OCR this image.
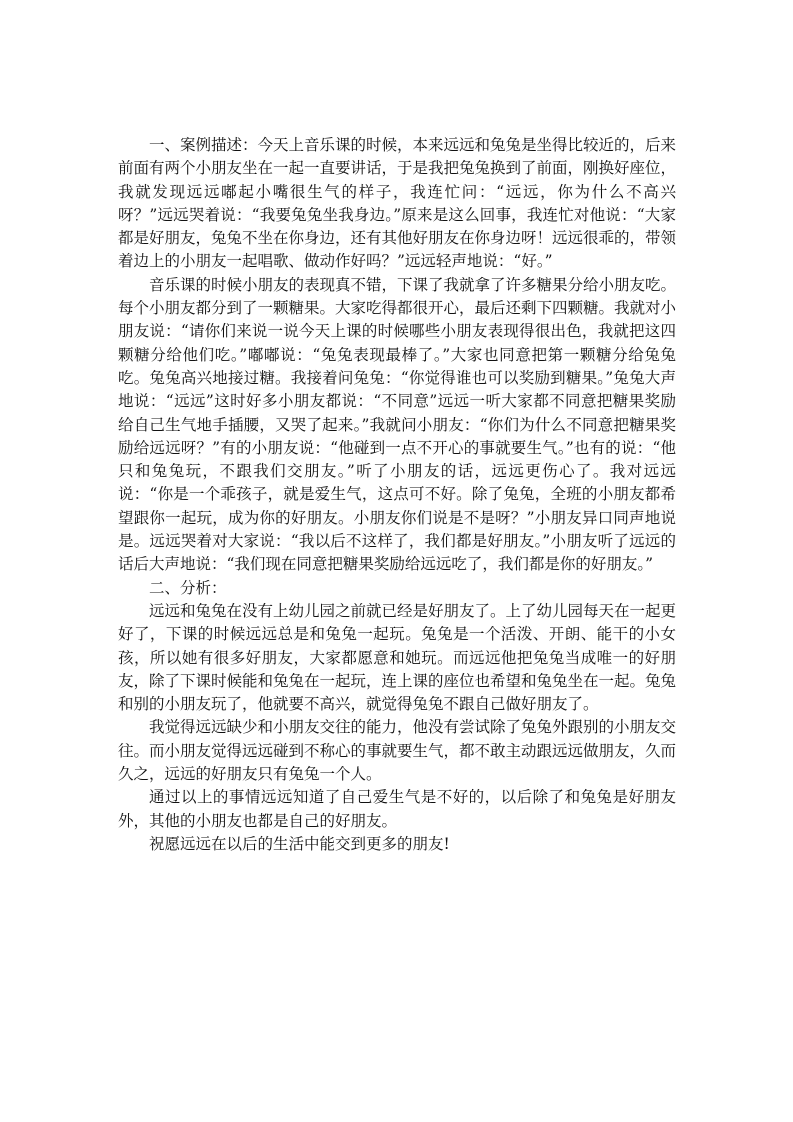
一、案例描述：今天上音乐课的时候，本来远远和兔兔是坐得比较近的，后来前面有两个小朋友坐在一起一直要讲话，于是我把兔兔换到了前面，刚换好座位，我就发现远远嘟起小嘴很生气的样子，我连忙问：“远远，你为什么不高兴呀？”远远哭着说：“我要兔兔坐我身边。”原来是这么回事，我连忙对他说：“大家都是好朋友，兔兔不坐在你身边，还有其他好朋友在你身边呀！远远很乖的，带领着边上的小朋友一起唱歌、做动作好吗？”远远轻声地说：“好。”

音乐课的时候小朋友的表现真不错，下课了我就拿了许多糖果分给小朋友吃。每个小朋友都分到了一颗糖果。大家吃得都很开心，最后还剩下四颗糖。我就对小朋友说：“请你们来说一说今天上课的时候哪些小朋友表现得很出色，我就把这四颗糖分给他们吃。”嘟嘟说：“兔兔表现最棒了。”大家也同意把第一颗糖分给兔兔吃。兔兔高兴地接过糖。我接着问兔兔：“你觉得谁也可以奖励到糖果。”兔兔大声地说：“远远”这时好多小朋友都说：“不同意”远远一听大家都不同意把糖果奖励给自己生气地手插腰，又哭了起来。”我就问小朋友：“你们为什么不同意把糖果奖励给远远呀？”有的小朋友说：“他碰到一点不开心的事就要生气。”也有的说：“他只和兔兔玩，不跟我们交朋友。”听了小朋友的话，远远更伤心了。我对远远说：“你是一个乖孩子，就是爱生气，这点可不好。除了兔兔，全班的小朋友都希望跟你一起玩，成为你的好朋友。小朋友你们说是不是呀？”小朋友异口同声地说是。远远哭着对大家说：“我以后不这样了，我们都是好朋友。”小朋友听了远远的话后大声地说：“我们现在同意把糖果奖励给远远吃了，我们都是你的好朋友。”

二、分析：

远远和兔兔在没有上幼儿园之前就已经是好朋友了。上了幼儿园每天在一起更好了，下课的时候远远总是和兔兔一起玩。兔兔是一个活泼、开朗、能干的小女孩，所以她有很多好朋友，大家都愿意和她玩。而远远他把兔兔当成唯一的好朋友，除了下课时候能和兔兔在一起玩，连上课的座位也希望和兔兔坐在一起。兔兔和别的小朋友玩了，他就要不高兴，就觉得兔兔不跟自己做好朋友了。

我觉得远远缺少和小朋友交往的能力，他没有尝试除了兔兔外跟别的小朋友交往。而小朋友觉得远远碰到不称心的事就要生气，都不敢主动跟远远做朋友，久而久之，远远的好朋友只有兔兔一个人。

通过以上的事情远远知道了自己爱生气是不好的，以后除了和兔兔是好朋友外，其他的小朋友也都是自己的好朋友。

祝愿远远在以后的生活中能交到更多的朋友!
